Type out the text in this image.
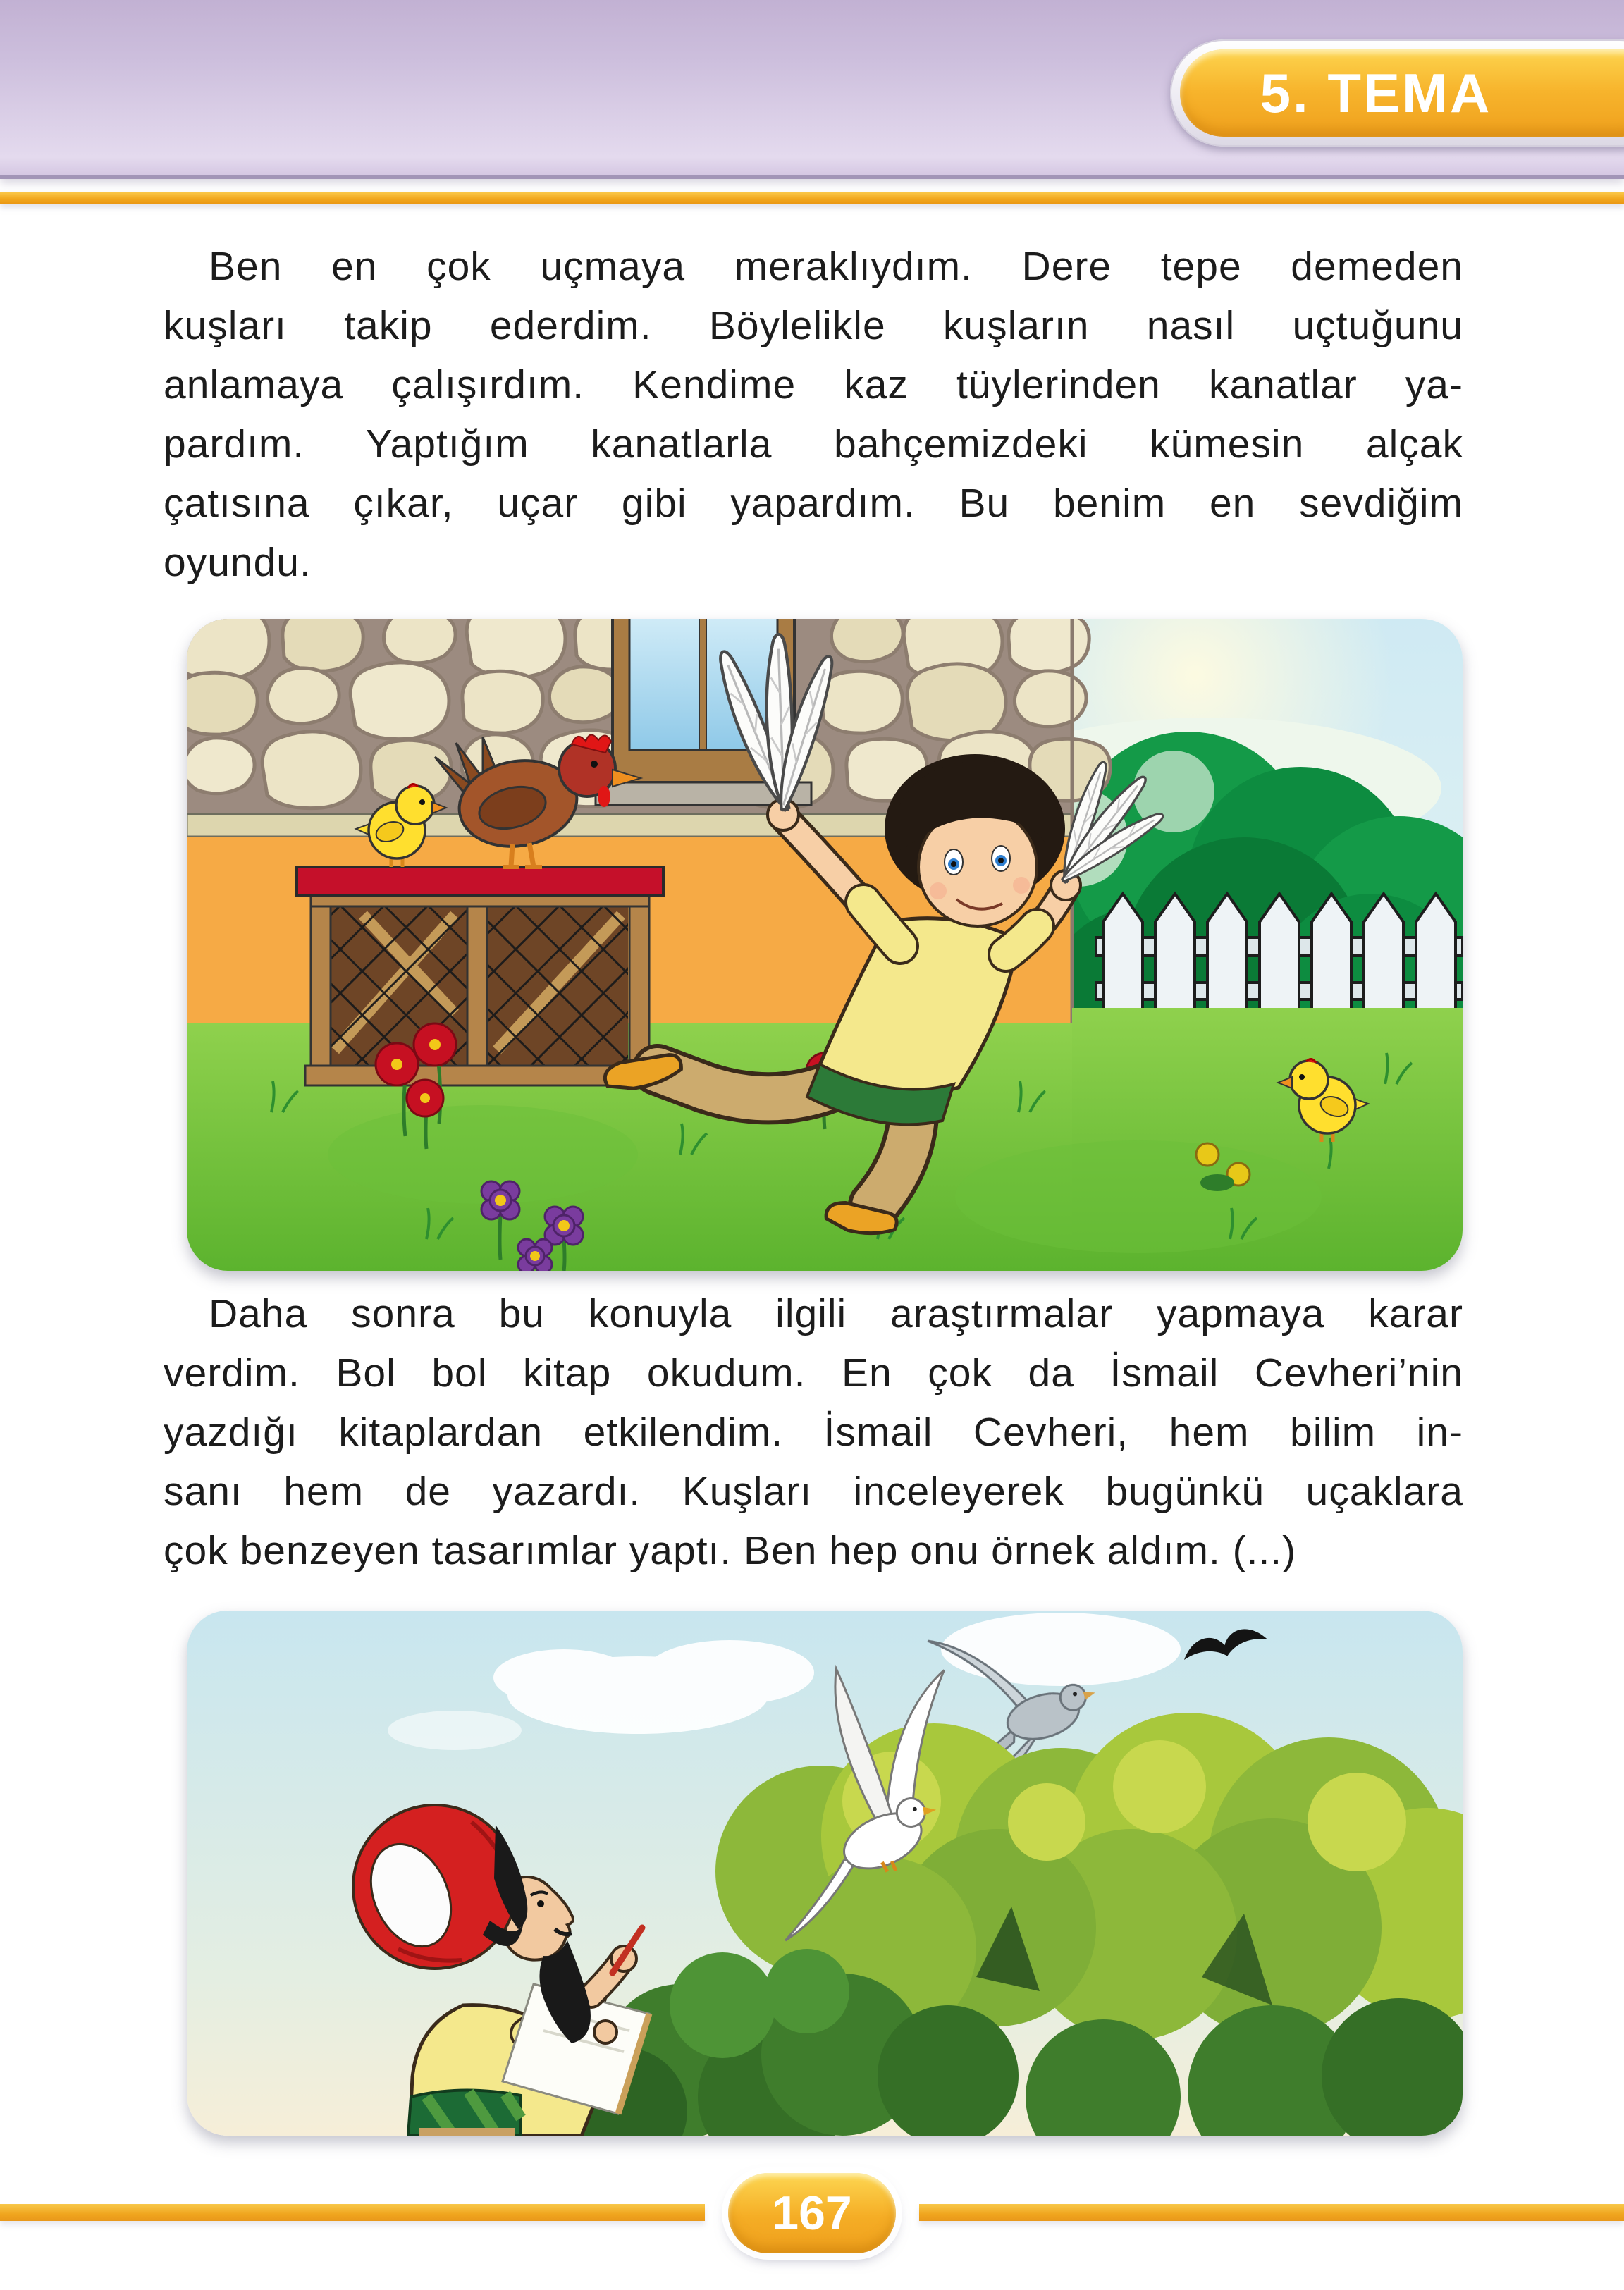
5. TEMA
Ben en çok uçmaya meraklıydım. Dere tepe demeden
kuşları takip ederdim. Böylelikle kuşların nasıl uçtuğunu
anlamaya çalışırdım. Kendime kaz tüylerinden kanatlar ya-
pardım. Yaptığım kanatlarla bahçemizdeki kümesin alçak
çatısına çıkar, uçar gibi yapardım. Bu benim en sevdiğim
oyundu.
Daha sonra bu konuyla ilgili araştırmalar yapmaya karar
verdim. Bol bol kitap okudum. En çok da İsmail Cevheri’nin
yazdığı kitaplardan etkilendim. İsmail Cevheri, hem bilim in-
sanı hem de yazardı. Kuşları inceleyerek bugünkü uçaklara
çok benzeyen tasarımlar yaptı. Ben hep onu örnek aldım. (...)
167
